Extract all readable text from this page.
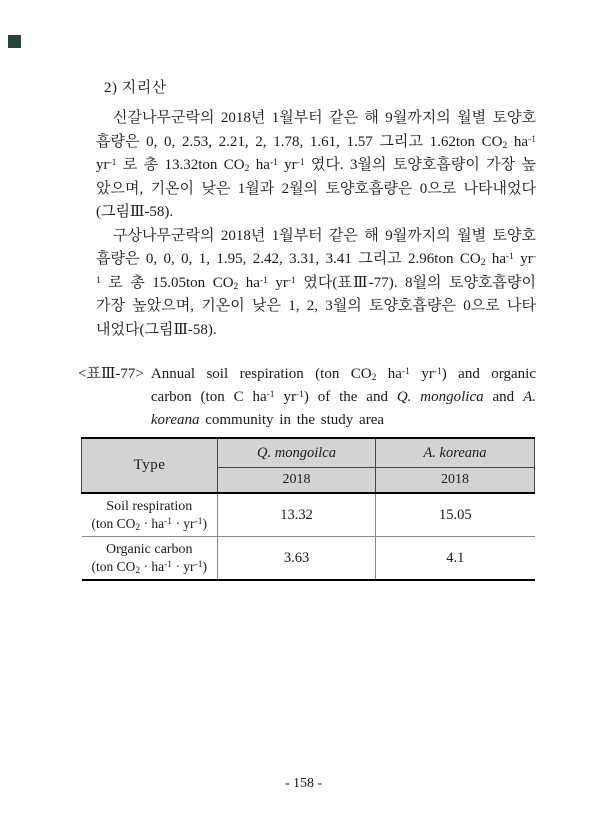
2) 지리산

신갈나무군락의 2018년 1월부터 같은 해 9월까지의 월별 토양호흡량은 0, 0, 2.53, 2.21, 2, 1.78, 1.61, 1.57 그리고 1.62ton $CO_2$ $ha^{-1}$ $yr^{-1}$ 로 총 13.32ton $CO_2$ $ha^{-1}$ $yr^{-1}$ 였다. 3월의 토양호흡량이 가장 높았으며, 기온이 낮은 1월과 2월의 토양호흡량은 0으로 나타내었다(그림Ⅲ-58).

구상나무군락의 2018년 1월부터 같은 해 9월까지의 월별 토양호흡량은 0, 0, 0, 1, 1.95, 2.42, 3.31, 3.41 그리고 2.96ton $CO_2$ $ha^{-1}$ $yr^{-1}$ 로 총 15.05ton $CO_2$ $ha^{-1}$ $yr^{-1}$ 였다(표Ⅲ-77). 8월의 토양호흡량이 가장 높았으며, 기온이 낮은 1, 2, 3월의 토양호흡량은 0으로 나타내었다(그림Ⅲ-58).

<표Ⅲ-77> Annual soil respiration (ton $CO_2$ $ha^{-1}$ $yr^{-1}$) and organic carbon (ton C $ha^{-1}$ $yr^{-1}$) of the and Q. mongolica and A. koreana community in the study area
Type	Q. mongoilca	A. koreana
	2018	2018

Soil respiration
(ton $CO_2 \cdot ha^{-1} \cdot yr^{-1}$)	13.32	15.05

Organic carbon
(ton $CO_2 \cdot ha^{-1} \cdot yr^{-1}$)	3.63	4.1
- 158 -
